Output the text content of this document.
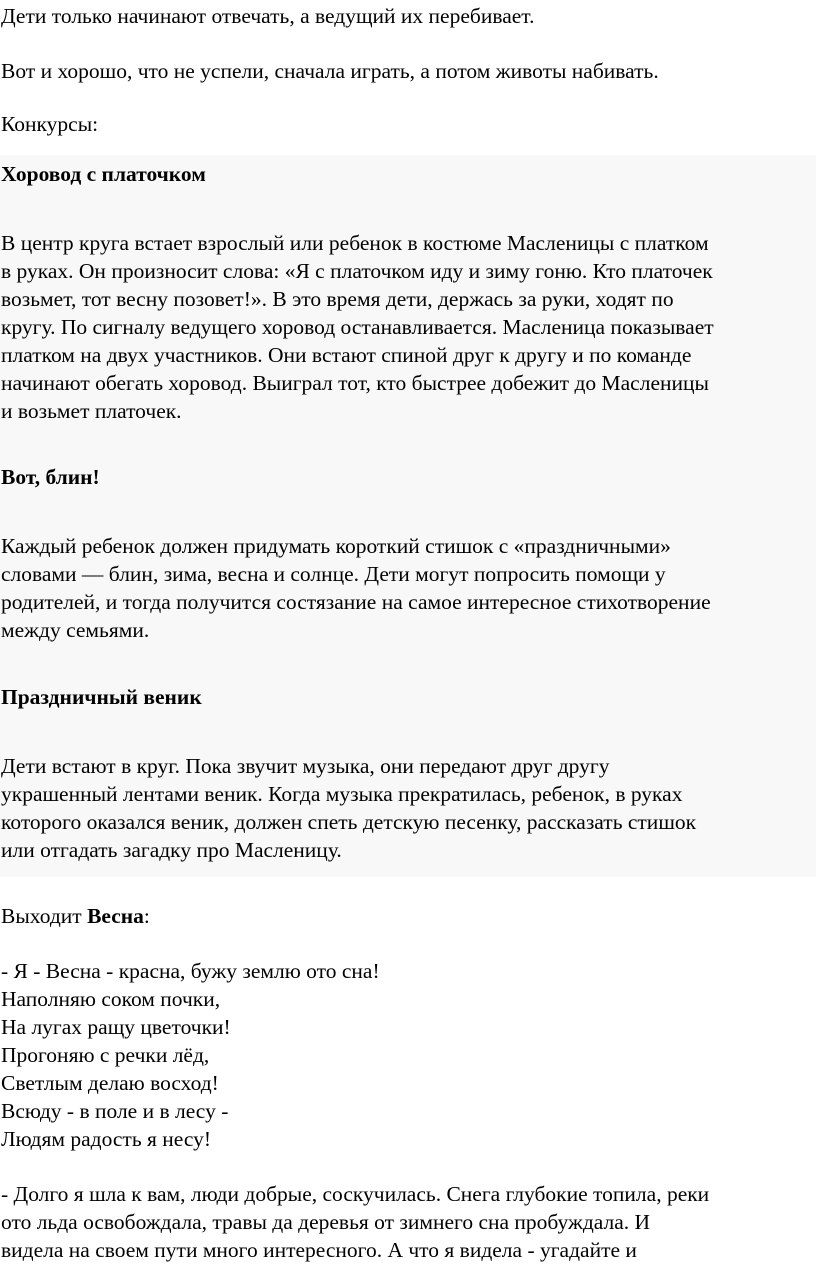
Дети только начинают отвечать, а ведущий их перебивает.

Вот и хорошо, что не успели, сначала играть, а потом животы набивать.

Конкурсы:

Хоровод с платочком

В центр круга встает взрослый или ребенок в костюме Масленицы с платком

в руках. Он произносит слова: «Я с платочком иду и зиму гоню. Кто платочек

возьмет, тот весну позовет!». В это время дети, держась за руки, ходят по

кругу. По сигналу ведущего хоровод останавливается. Масленица показывает

платком на двух участников. Они встают спиной друг к другу и по команде

начинают обегать хоровод. Выиграл тот, кто быстрее добежит до Масленицы

и возьмет платочек.

Вот, блин!

Каждый ребенок должен придумать короткий стишок с «праздничными»

словами — блин, зима, весна и солнце. Дети могут попросить помощи у

родителей, и тогда получится состязание на самое интересное стихотворение

между семьями.

Праздничный веник

Дети встают в круг. Пока звучит музыка, они передают друг другу

украшенный лентами веник. Когда музыка прекратилась, ребенок, в руках

которого оказался веник, должен спеть детскую песенку, рассказать стишок

или отгадать загадку про Масленицу.

Выходит Весна:

- Я - Весна - красна, бужу землю ото сна!

Наполняю соком почки,

На лугах ращу цветочки!

Прогоняю с речки лёд,

Светлым делаю восход!

Всюду - в поле и в лесу -

Людям радость я несу!

- Долго я шла к вам, люди добрые, соскучилась. Снега глубокие топила, реки

ото льда освобождала, травы да деревья от зимнего сна пробуждала. И

видела на своем пути много интересного. А что я видела - угадайте и
